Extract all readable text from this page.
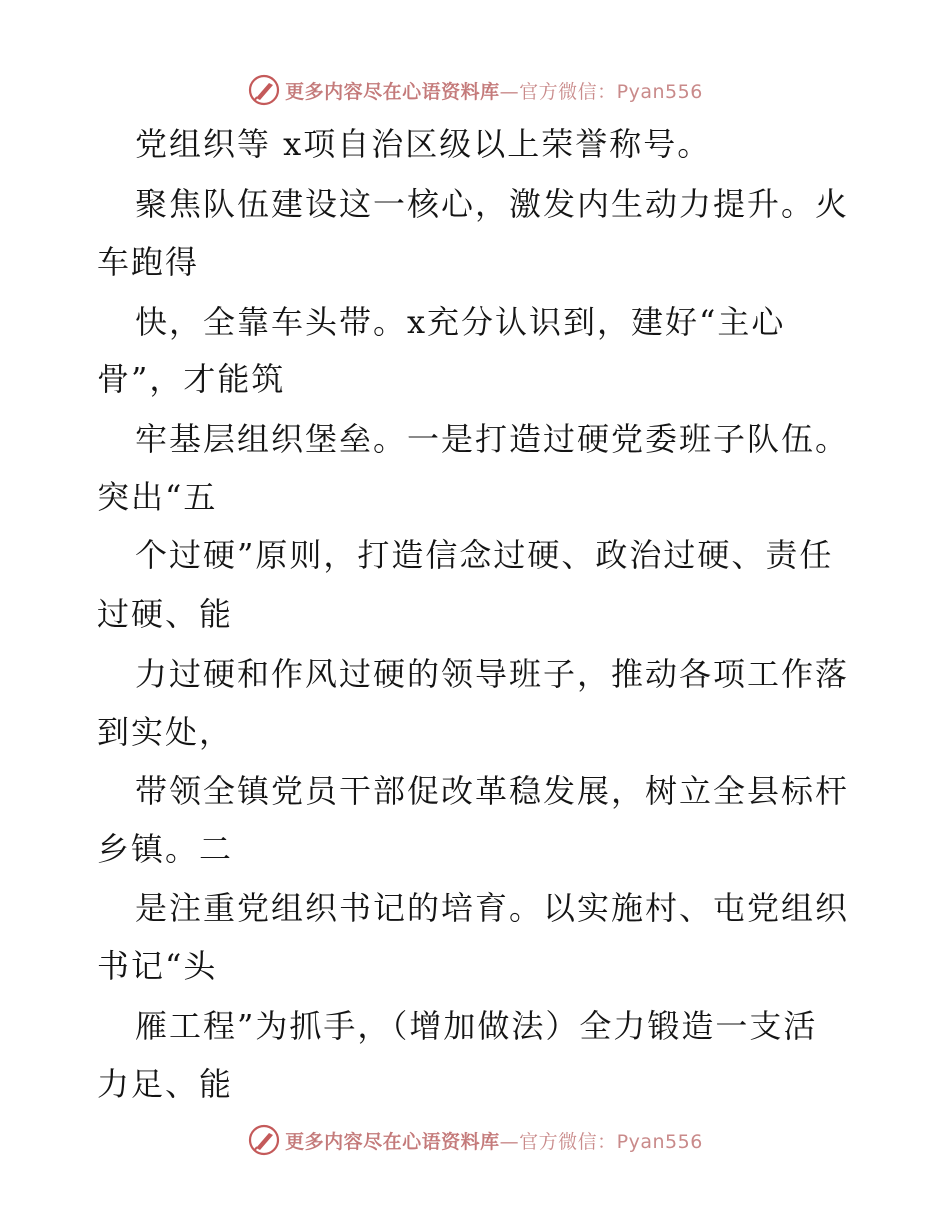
更多内容尽在心语资料库—官方微信：Pyan556
党组织等 x项自治区级以上荣誉称号。
聚焦队伍建设这一核心，激发内生动力提升。火
车跑得
快，全靠车头带。x充分认识到，建好“主心
骨”，才能筑
牢基层组织堡垒。一是打造过硬党委班子队伍。
突出“五
个过硬”原则，打造信念过硬、政治过硬、责任
过硬、能
力过硬和作风过硬的领导班子，推动各项工作落
到实处，
带领全镇党员干部促改革稳发展，树立全县标杆
乡镇。二
是注重党组织书记的培育。以实施村、屯党组织
书记“头
雁工程”为抓手，（增加做法）全力锻造一支活
力足、能
更多内容尽在心语资料库—官方微信：Pyan556
